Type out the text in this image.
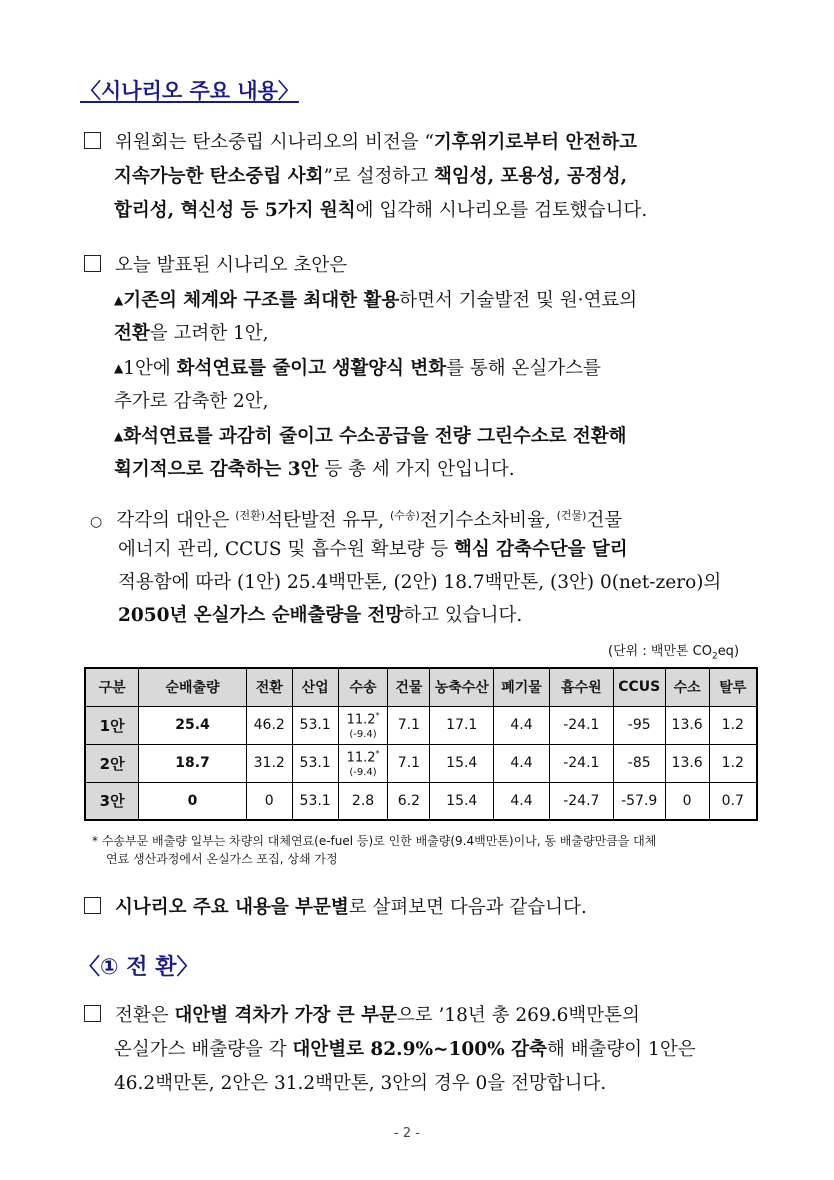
〈시나리오 주요 내용〉
위원회는 탄소중립 시나리오의 비전을 “기후위기로부터 안전하고
지속가능한 탄소중립 사회”로 설정하고 책임성, 포용성, 공정성,
합리성, 혁신성 등 5가지 원칙에 입각해 시나리오를 검토했습니다.
오늘 발표된 시나리오 초안은
▲기존의 체계와 구조를 최대한 활용하면서 기술발전 및 원·연료의
전환을 고려한 1안,
▲1안에 화석연료를 줄이고 생활양식 변화를 통해 온실가스를
추가로 감축한 2안,
▲화석연료를 과감히 줄이고 수소공급을 전량 그린수소로 전환해
획기적으로 감축하는 3안 등 총 세 가지 안입니다.
○ 각각의 대안은 $^{(전환)}$석탄발전 유무, $^{(수송)}$전기수소차비율, $^{(건물)}$건물
에너지 관리, CCUS 및 흡수원 확보량 등 핵심 감축수단을 달리
적용함에 따라 (1안) 25.4백만톤, (2안) 18.7백만톤, (3안) 0(net-zero)의
2050년 온실가스 순배출량을 전망하고 있습니다.
(단위 : 백만톤 $CO_2eq$)
구분	순배출량	전환	산업	수송	건물	농축수산	폐기물	흡수원	CCUS	수소	탈루
1안	25.4	46.2	53.1	11.2*
(-9.4)	7.1	17.1	4.4	-24.1	-95	13.6	1.2
2안	18.7	31.2	53.1	11.2*
(-9.4)	7.1	15.4	4.4	-24.1	-85	13.6	1.2
3안	0	0	53.1	2.8	6.2	15.4	4.4	-24.7	-57.9	0	0.7
* 수송부문 배출량 일부는 차량의 대체연료(e-fuel 등)로 인한 배출량(9.4백만톤)이나, 동 배출량만큼을 대체
연료 생산과정에서 온실가스 포집, 상쇄 가정
시나리오 주요 내용을 부문별로 살펴보면 다음과 같습니다.
〈① 전 환〉
전환은 대안별 격차가 가장 큰 부문으로 ’18년 총 269.6백만톤의
온실가스 배출량을 각 대안별로 82.9%~100% 감축해 배출량이 1안은
46.2백만톤, 2안은 31.2백만톤, 3안의 경우 0을 전망합니다.
- 2 -
